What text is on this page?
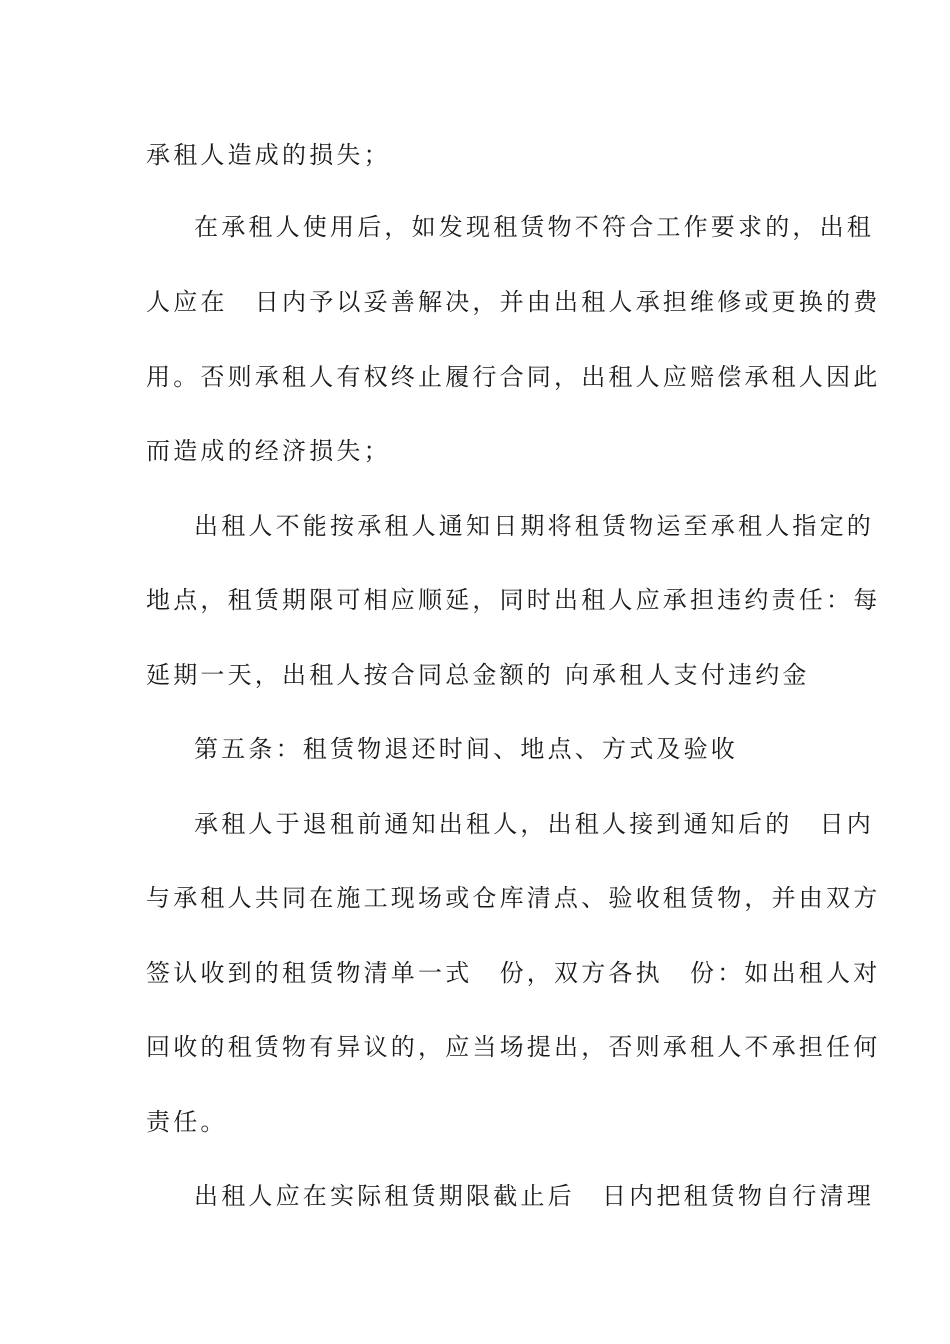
承租人造成的损失；
在承租人使用后，如发现租赁物不符合工作要求的，出租
人应在　日内予以妥善解决，并由出租人承担维修或更换的费
用。否则承租人有权终止履行合同，出租人应赔偿承租人因此
而造成的经济损失；
出租人不能按承租人通知日期将租赁物运至承租人指定的
地点，租赁期限可相应顺延，同时出租人应承担违约责任：每
延期一天，出租人按合同总金额的 向承租人支付违约金
第五条：租赁物退还时间、地点、方式及验收
承租人于退租前通知出租人，出租人接到通知后的　日内
与承租人共同在施工现场或仓库清点、验收租赁物，并由双方
签认收到的租赁物清单一式　份，双方各执　份：如出租人对
回收的租赁物有异议的，应当场提出，否则承租人不承担任何
责任。
出租人应在实际租赁期限截止后　日内把租赁物自行清理
